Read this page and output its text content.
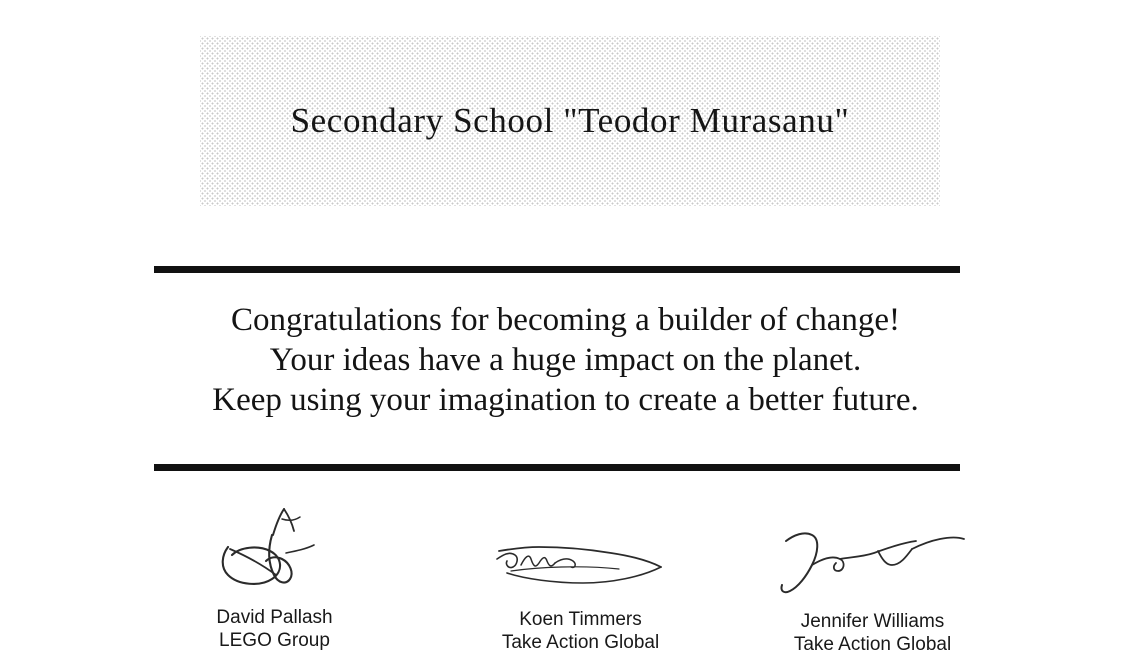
Secondary School "Teodor Murasanu"
Congratulations for becoming a builder of change!
Your ideas have a huge impact on the planet.
Keep using your imagination to create a better future.
David Pallash
LEGO Group
Koen Timmers
Take Action Global
Jennifer Williams
Take Action Global
